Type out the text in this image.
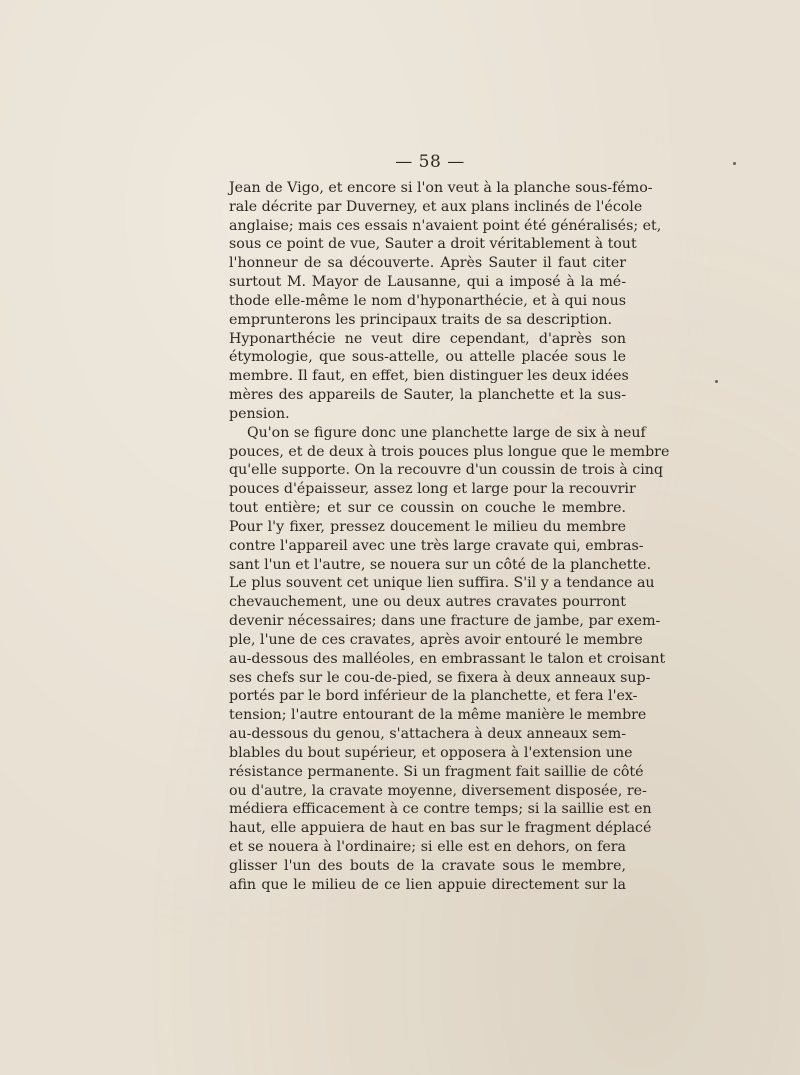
— 58 —
Jean de Vigo, et encore si l'on veut à la planche sous-fémo-
rale décrite par Duverney, et aux plans inclinés de l'école
anglaise; mais ces essais n'avaient point été généralisés; et,
sous ce point de vue, Sauter a droit véritablement à tout
l'honneur de sa découverte. Après Sauter il faut citer
surtout M. Mayor de Lausanne, qui a imposé à la mé-
thode elle-même le nom d'hyponarthécie, et à qui nous
emprunterons les principaux traits de sa description.
Hyponarthécie ne veut dire cependant, d'après son
étymologie, que sous-attelle, ou attelle placée sous le
membre. Il faut, en effet, bien distinguer les deux idées
mères des appareils de Sauter, la planchette et la sus-
pension.
Qu'on se figure donc une planchette large de six à neuf
pouces, et de deux à trois pouces plus longue que le membre
qu'elle supporte. On la recouvre d'un coussin de trois à cinq
pouces d'épaisseur, assez long et large pour la recouvrir
tout entière; et sur ce coussin on couche le membre.
Pour l'y fixer, pressez doucement le milieu du membre
contre l'appareil avec une très large cravate qui, embras-
sant l'un et l'autre, se nouera sur un côté de la planchette.
Le plus souvent cet unique lien suffira. S'il y a tendance au
chevauchement, une ou deux autres cravates pourront
devenir nécessaires; dans une fracture de jambe, par exem-
ple, l'une de ces cravates, après avoir entouré le membre
au-dessous des malléoles, en embrassant le talon et croisant
ses chefs sur le cou-de-pied, se fixera à deux anneaux sup-
portés par le bord inférieur de la planchette, et fera l'ex-
tension; l'autre entourant de la même manière le membre
au-dessous du genou, s'attachera à deux anneaux sem-
blables du bout supérieur, et opposera à l'extension une
résistance permanente. Si un fragment fait saillie de côté
ou d'autre, la cravate moyenne, diversement disposée, re-
médiera efficacement à ce contre temps; si la saillie est en
haut, elle appuiera de haut en bas sur le fragment déplacé
et se nouera à l'ordinaire; si elle est en dehors, on fera
glisser l'un des bouts de la cravate sous le membre,
afin que le milieu de ce lien appuie directement sur la
